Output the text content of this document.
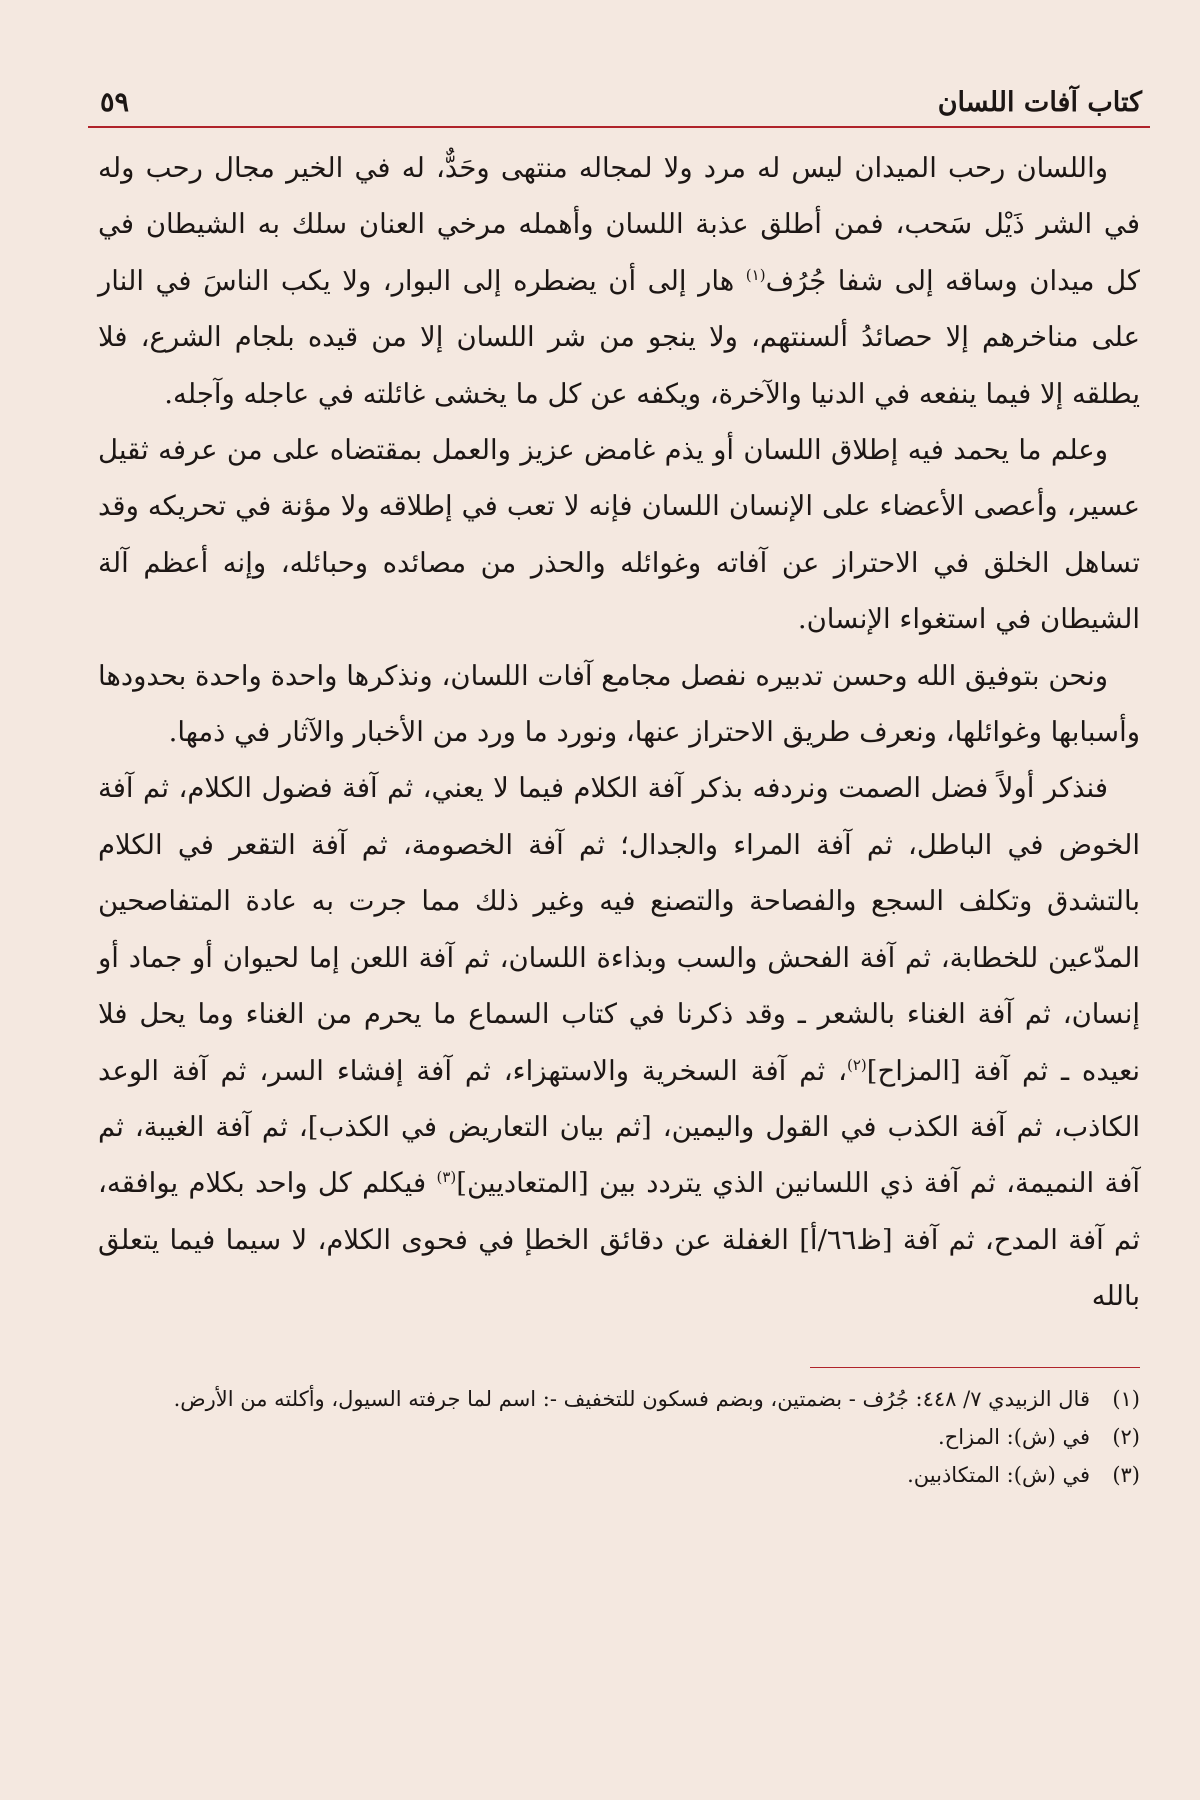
٥٩	كتاب آفات اللسان

واللسان رحب الميدان ليس له مرد ولا لمجاله منتهى وحَدٌّ، له في الخير مجال رحب وله في الشر ذَيْل سَحب، فمن أطلق عذبة اللسان وأهمله مرخي العنان سلك به الشيطان في كل ميدان وساقه إلى شفا جُرُف$^{(١)}$ هار إلى أن يضطره إلى البوار، ولا يكب الناسَ في النار على مناخرهم إلا حصائدُ ألسنتهم، ولا ينجو من شر اللسان إلا من قيده بلجام الشرع، فلا يطلقه إلا فيما ينفعه في الدنيا والآخرة، ويكفه عن كل ما يخشى غائلته في عاجله وآجله.

وعلم ما يحمد فيه إطلاق اللسان أو يذم غامض عزيز والعمل بمقتضاه على من عرفه ثقيل عسير، وأعصى الأعضاء على الإنسان اللسان فإنه لا تعب في إطلاقه ولا مؤنة في تحريكه وقد تساهل الخلق في الاحتراز عن آفاته وغوائله والحذر من مصائده وحبائله، وإنه أعظم آلة الشيطان في استغواء الإنسان.

ونحن بتوفيق الله وحسن تدبيره نفصل مجامع آفات اللسان، ونذكرها واحدة واحدة بحدودها وأسبابها وغوائلها، ونعرف طريق الاحتراز عنها، ونورد ما ورد من الأخبار والآثار في ذمها.

فنذكر أولاً فضل الصمت ونردفه بذكر آفة الكلام فيما لا يعني، ثم آفة فضول الكلام، ثم آفة الخوض في الباطل، ثم آفة المراء والجدال؛ ثم آفة الخصومة، ثم آفة التقعر في الكلام بالتشدق وتكلف السجع والفصاحة والتصنع فيه وغير ذلك مما جرت به عادة المتفاصحين المدّعين للخطابة، ثم آفة الفحش والسب وبذاءة اللسان، ثم آفة اللعن إما لحيوان أو جماد أو إنسان، ثم آفة الغناء بالشعر ـ وقد ذكرنا في كتاب السماع ما يحرم من الغناء وما يحل فلا نعيده ـ ثم آفة [المزاح]$^{(٢)}$، ثم آفة السخرية والاستهزاء، ثم آفة إفشاء السر، ثم آفة الوعد الكاذب، ثم آفة الكذب في القول واليمين، [ثم بيان التعاريض في الكذب]، ثم آفة الغيبة، ثم آفة النميمة، ثم آفة ذي اللسانين الذي يتردد بين [المتعاديين]$^{(٣)}$ فيكلم كل واحد بكلام يوافقه، ثم آفة المدح، ثم آفة [ظ٦٦/أ] الغفلة عن دقائق الخطإ في فحوى الكلام، لا سيما فيما يتعلق بالله

(١)
قال الزبيدي ٧/ ٤٤٨: جُرُف - بضمتين، وبضم فسكون للتخفيف -: اسم لما جرفته السيول، وأكلته من الأرض.
(٢)
في (ش): المزاح.
(٣)
في (ش): المتكاذبين.
